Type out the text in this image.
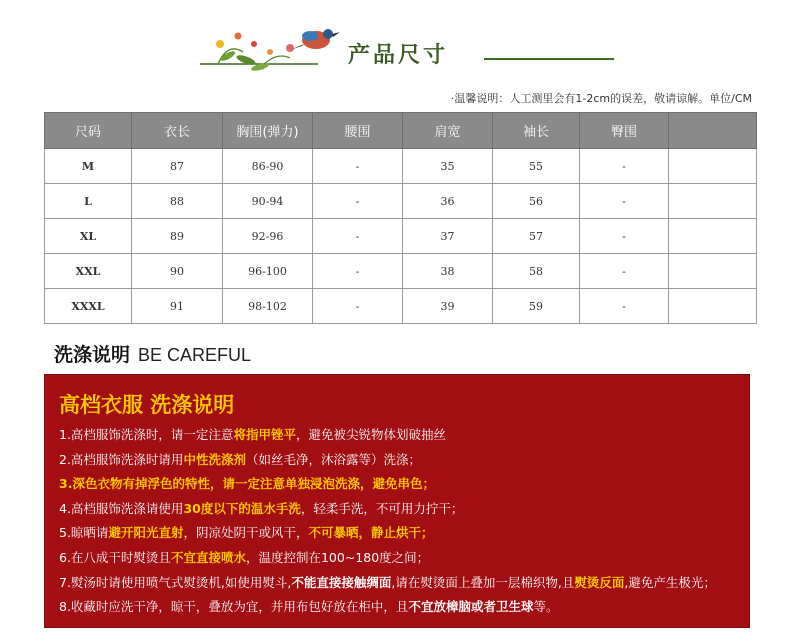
产品尺寸
·温馨说明：人工测里会有1-2cm的误差，敬请谅解。单位/CM
尺码	衣长	胸围(弹力)	腰围	肩宽	袖长	臀围	
M	87	86-90	-	35	55	-	
L	88	90-94	-	36	56	-	
XL	89	92-96	-	37	57	-	
XXL	90	96-100	-	38	58	-	
XXXL	91	98-102	-	39	59	-	
洗涤说明 BE CAREFUL
高档衣服 洗涤说明
1.高档服饰洗涤时，请一定注意将指甲锉平，避免被尖锐物体划破抽丝
2.高档服饰洗涤时请用中性洗涤剂（如丝毛净，沐浴露等）洗涤；
3.深色衣物有掉浮色的特性，请一定注意单独浸泡洗涤，避免串色；
4.高档服饰洗涤请使用30度以下的温水手洗，轻柔手洗，不可用力拧干；
5.晾晒请避开阳光直射，阴凉处阴干或风干，不可暴晒，静止烘干；
6.在八成干时熨烫且不宜直接喷水，温度控制在100~180度之间；
7.熨汤时请使用喷气式熨烫机,如使用熨斗,不能直接接触绸面,请在熨烫面上叠加一层棉织物,且熨烫反面,避免产生极光；
8.收藏时应洗干净，晾干，叠放为宜，并用布包好放在柜中，且不宜放樟脑或者卫生球等。
